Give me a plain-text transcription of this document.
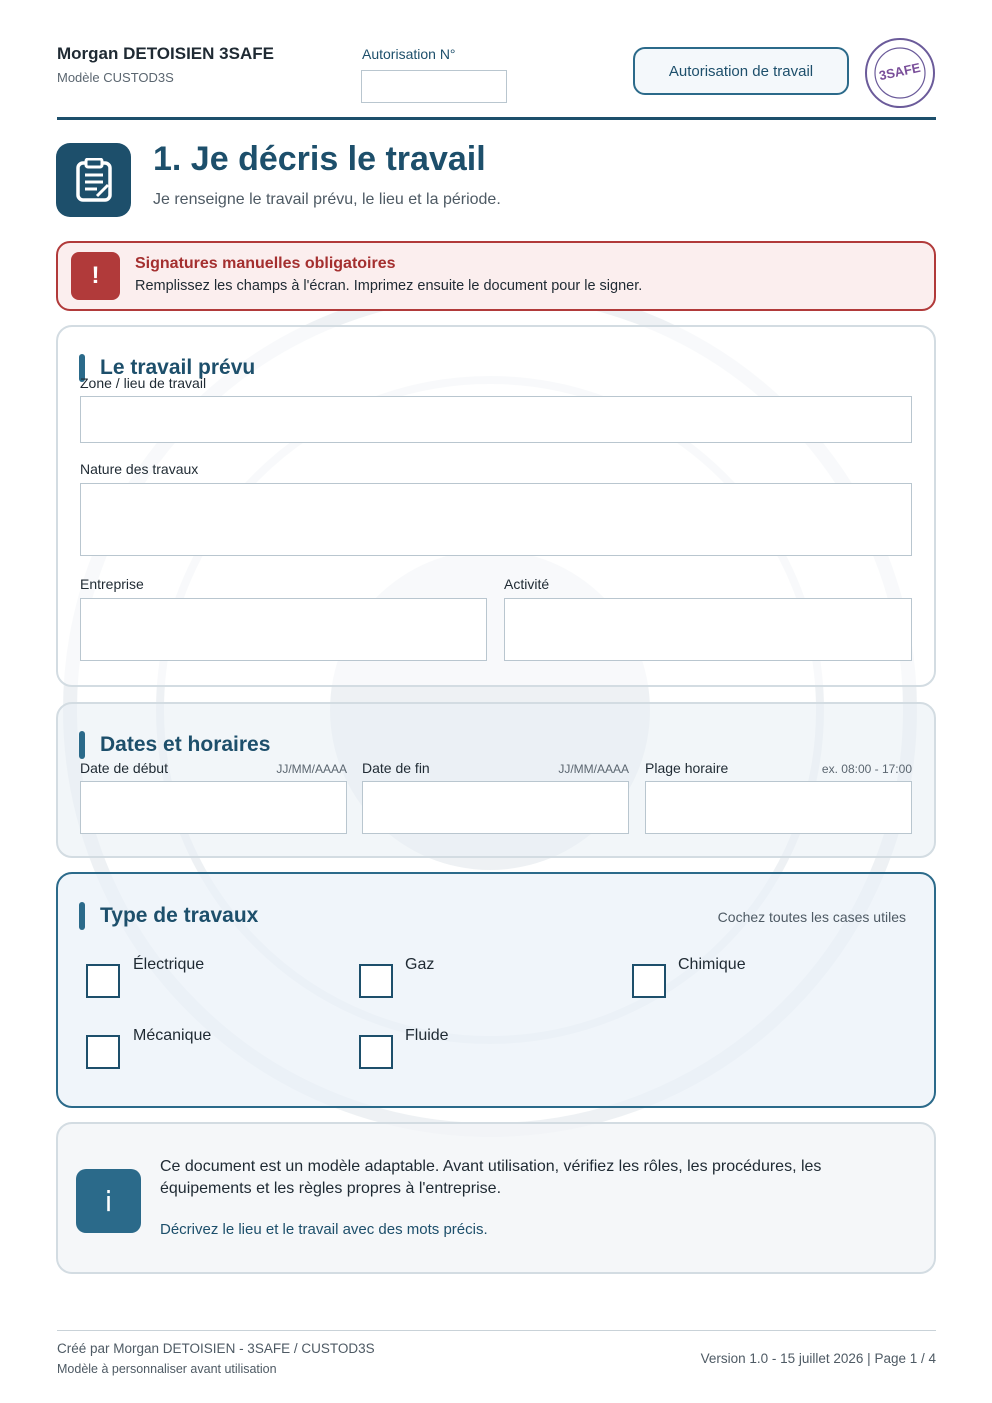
Morgan DETOISIEN 3SAFE
Modèle CUSTOD3S
Autorisation N°
Autorisation de travail	3SAFE
1. Je décris le travail
Je renseigne le travail prévu, le lieu et la période.
!	Signatures manuelles obligatoires
Remplissez les champs à l'écran. Imprimez ensuite le document pour le signer.
Le travail prévu
Zone / lieu de travail
Nature des travaux
Entreprise	Activité
Dates et horaires
Date de début	JJ/MM/AAAA Date de fin	JJ/MM/AAAA Plage horaire	ex. 08:00 - 17:00
Type de travaux	Cochez toutes les cases utiles
Électrique	Gaz	Chimique
Mécanique	Fluide
i
Ce document est un modèle adaptable. Avant utilisation, vérifiez les rôles, les procédures, les équipements et les règles propres à l'entreprise.
Décrivez le lieu et le travail avec des mots précis.
Créé par Morgan DETOISIEN - 3SAFE / CUSTOD3S
Modèle à personnaliser avant utilisation
Version 1.0 - 15 juillet 2026 | Page 1 / 4
